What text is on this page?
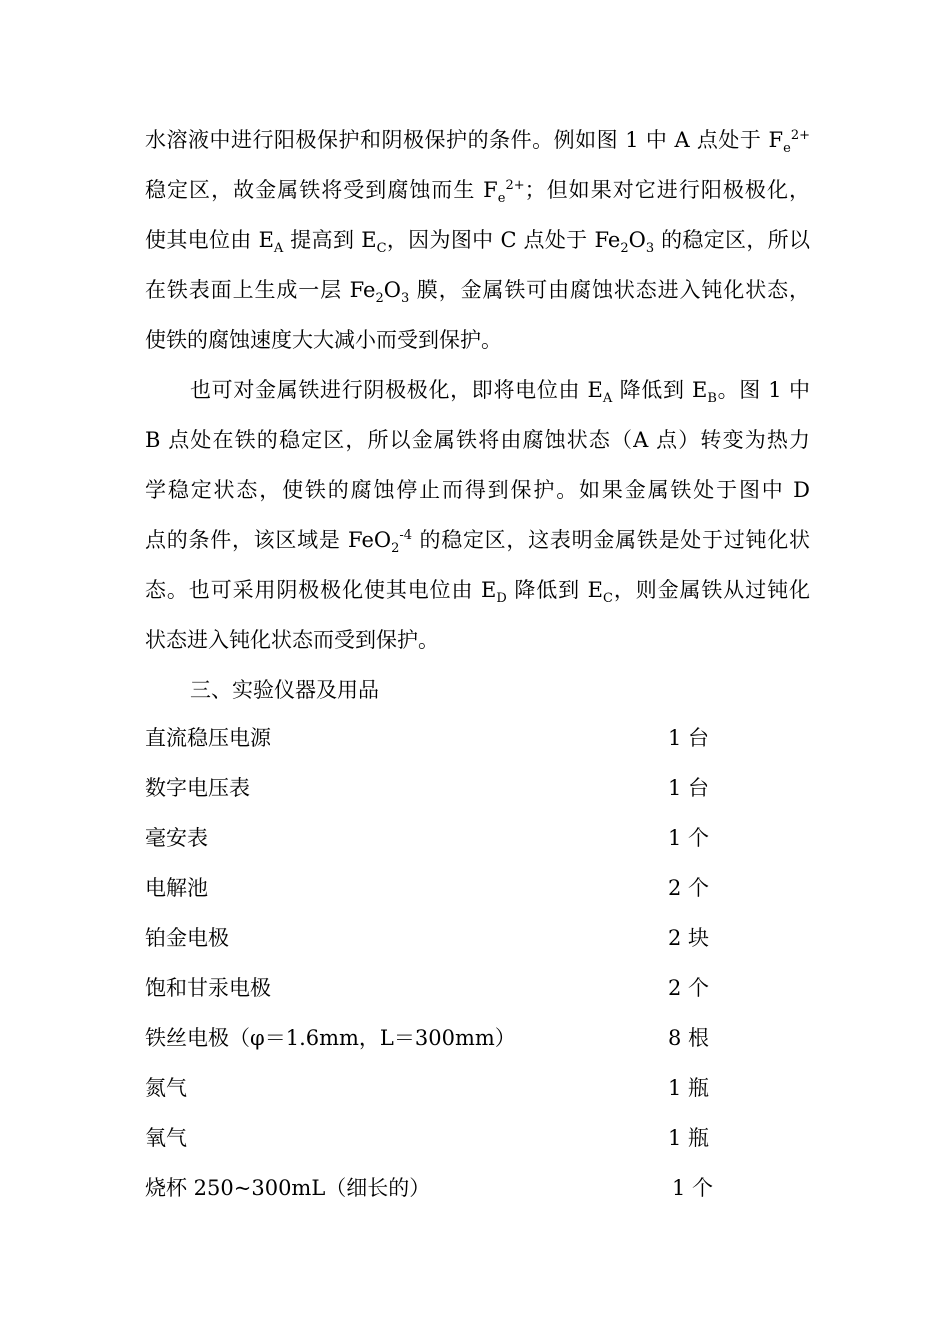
水溶液中进行阳极保护和阴极保护的条件。例如图 1 中 A 点处于 $F_e^{2+}$
稳定区，故金属铁将受到腐蚀而生 $F_e^{2+}$；但如果对它进行阳极极化，
使其电位由 $E_A$ 提高到 $E_C$，因为图中 C 点处于 $Fe_2O_3$ 的稳定区，所以
在铁表面上生成一层 $Fe_2O_3$ 膜，金属铁可由腐蚀状态进入钝化状态，
使铁的腐蚀速度大大减小而受到保护。
也可对金属铁进行阴极极化，即将电位由 $E_A$ 降低到 $E_B$。图 1 中
B 点处在铁的稳定区，所以金属铁将由腐蚀状态（A 点）转变为热力
学稳定状态，使铁的腐蚀停止而得到保护。如果金属铁处于图中 D
点的条件，该区域是 FeO$_2^{-4}$ 的稳定区，这表明金属铁是处于过钝化状
态。也可采用阴极极化使其电位由 $E_D$ 降低到 $E_C$，则金属铁从过钝化
状态进入钝化状态而受到保护。
三、实验仪器及用品
直流稳压电源	1 台
数字电压表	1 台
毫安表	1 个
电解池	2 个
铂金电极	2 块
饱和甘汞电极	2 个
铁丝电极（φ＝1.6mm，L＝300mm）	8 根
氮气	1 瓶
氧气	1 瓶
烧杯 250~300mL（细长的）	1 个
